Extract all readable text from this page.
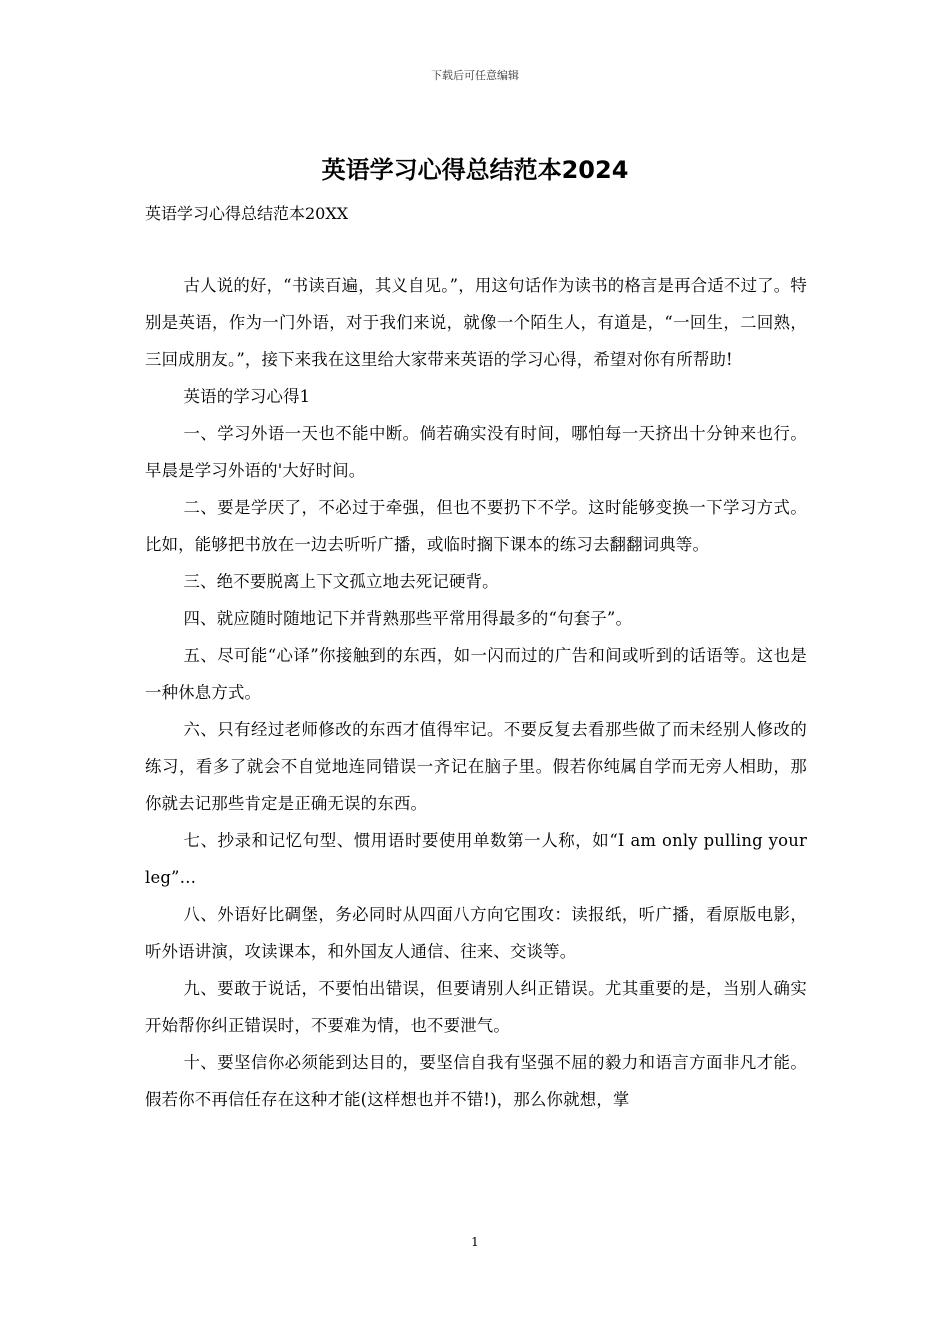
下载后可任意编辑
英语学习心得总结范本2024
英语学习心得总结范本20XX

古人说的好，“书读百遍，其义自见。”，用这句话作为读书的格言是再合适不过了。特别是英语，作为一门外语，对于我们来说，就像一个陌生人，有道是，“一回生，二回熟，三回成朋友。”，接下来我在这里给大家带来英语的学习心得，希望对你有所帮助!

英语的学习心得1

一、学习外语一天也不能中断。倘若确实没有时间，哪怕每一天挤出十分钟来也行。早晨是学习外语的'大好时间。

二、要是学厌了，不必过于牵强，但也不要扔下不学。这时能够变换一下学习方式。比如，能够把书放在一边去听听广播，或临时搁下课本的练习去翻翻词典等。

三、绝不要脱离上下文孤立地去死记硬背。

四、就应随时随地记下并背熟那些平常用得最多的“句套子”。

五、尽可能“心译”你接触到的东西，如一闪而过的广告和间或听到的话语等。这也是一种休息方式。

六、只有经过老师修改的东西才值得牢记。不要反复去看那些做了而未经别人修改的练习，看多了就会不自觉地连同错误一齐记在脑子里。假若你纯属自学而无旁人相助，那你就去记那些肯定是正确无误的东西。

七、抄录和记忆句型、惯用语时要使用单数第一人称，如“I am only pulling your leg”…

八、外语好比碉堡，务必同时从四面八方向它围攻：读报纸，听广播，看原版电影，听外语讲演，攻读课本，和外国友人通信、往来、交谈等。

九、要敢于说话，不要怕出错误，但要请别人纠正错误。尤其重要的是，当别人确实开始帮你纠正错误时，不要难为情，也不要泄气。

十、要坚信你必须能到达目的，要坚信自我有坚强不屈的毅力和语言方面非凡才能。假若你不再信任存在这种才能(这样想也并不错!)，那么你就想，掌

1
